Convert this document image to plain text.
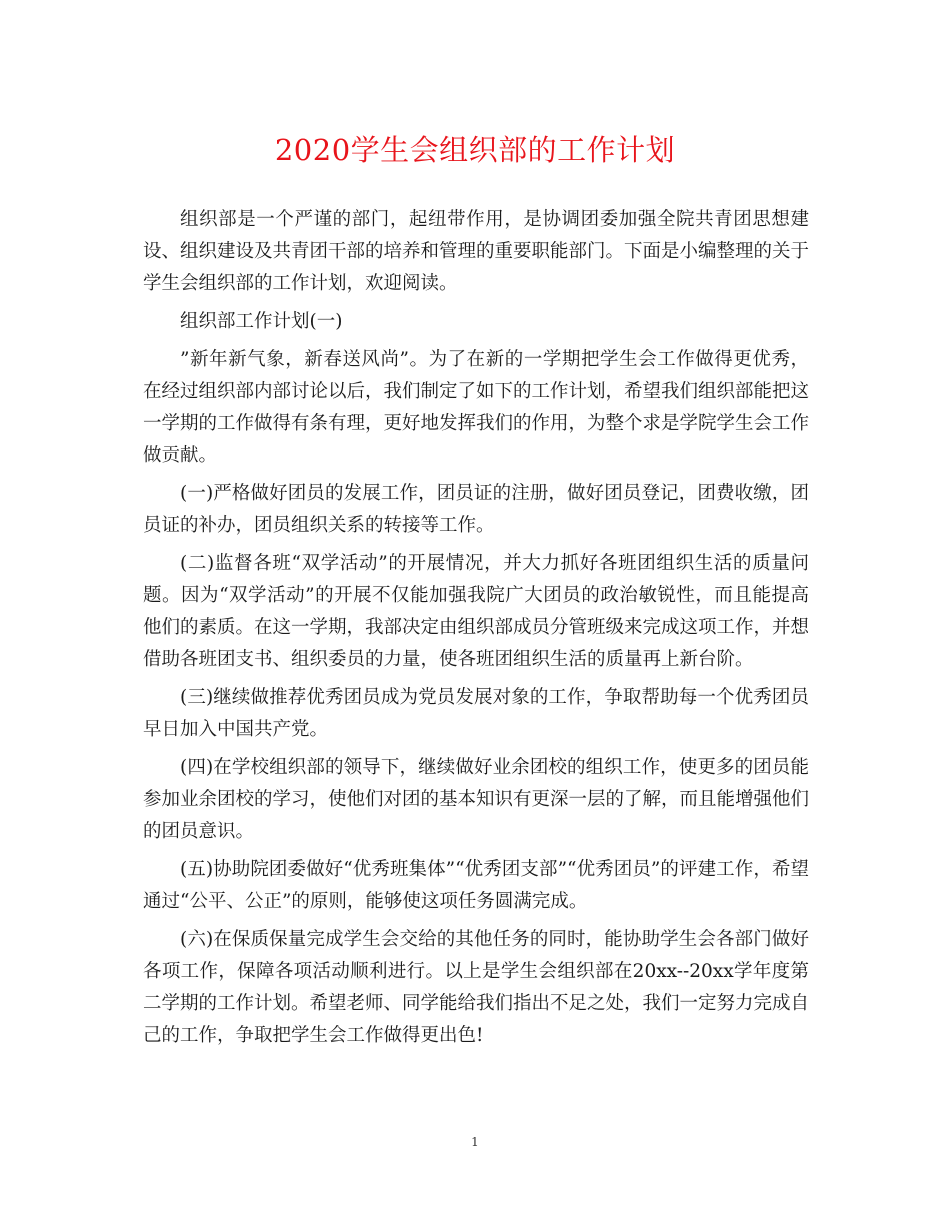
2020学生会组织部的工作计划

组织部是一个严谨的部门，起纽带作用，是协调团委加强全院共青团思想建设、组织建设及共青团干部的培养和管理的重要职能部门。下面是小编整理的关于学生会组织部的工作计划，欢迎阅读。

组织部工作计划(一)

”新年新气象，新春送风尚”。为了在新的一学期把学生会工作做得更优秀，在经过组织部内部讨论以后，我们制定了如下的工作计划，希望我们组织部能把这一学期的工作做得有条有理，更好地发挥我们的作用，为整个求是学院学生会工作做贡献。

(一)严格做好团员的发展工作，团员证的注册，做好团员登记，团费收缴，团员证的补办，团员组织关系的转接等工作。

(二)监督各班“双学活动”的开展情况，并大力抓好各班团组织生活的质量问题。因为“双学活动”的开展不仅能加强我院广大团员的政治敏锐性，而且能提高他们的素质。在这一学期，我部决定由组织部成员分管班级来完成这项工作，并想借助各班团支书、组织委员的力量，使各班团组织生活的质量再上新台阶。

(三)继续做推荐优秀团员成为党员发展对象的工作，争取帮助每一个优秀团员早日加入中国共产党。

(四)在学校组织部的领导下，继续做好业余团校的组织工作，使更多的团员能参加业余团校的学习，使他们对团的基本知识有更深一层的了解，而且能增强他们的团员意识。

(五)协助院团委做好“优秀班集体”“优秀团支部”“优秀团员”的评建工作，希望通过“公平、公正”的原则，能够使这项任务圆满完成。

(六)在保质保量完成学生会交给的其他任务的同时，能协助学生会各部门做好各项工作，保障各项活动顺利进行。以上是学生会组织部在20xx--20xx学年度第二学期的工作计划。希望老师、同学能给我们指出不足之处，我们一定努力完成自己的工作，争取把学生会工作做得更出色!

1
